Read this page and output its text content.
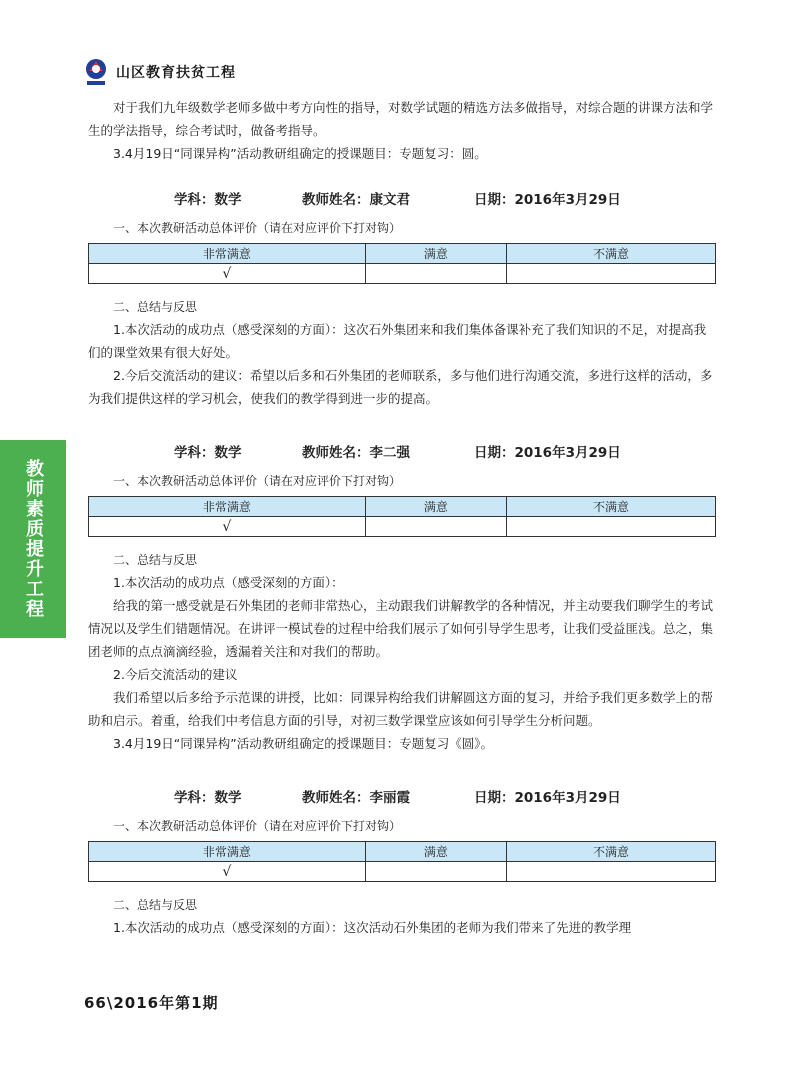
山区教育扶贫工程
教师素质提升工程

对于我们九年级数学老师多做中考方向性的指导，对数学试题的精选方法多做指导，对综合题的讲课方法和学生的学法指导，综合考试时，做备考指导。

3.4月19日“同课异构”活动教研组确定的授课题目：专题复习：圆。

学科：数学	教师姓名：康文君	日期：2016年3月29日

一、本次教研活动总体评价（请在对应评价下打对钩）

非常满意	满意	不满意
√		

二、总结与反思

1.本次活动的成功点（感受深刻的方面）：这次石外集团来和我们集体备课补充了我们知识的不足，对提高我们的课堂效果有很大好处。

2.今后交流活动的建议：希望以后多和石外集团的老师联系，多与他们进行沟通交流，多进行这样的活动，多为我们提供这样的学习机会，使我们的教学得到进一步的提高。

学科：数学	教师姓名：李二强	日期：2016年3月29日

一、本次教研活动总体评价（请在对应评价下打对钩）

非常满意	满意	不满意
√		

二、总结与反思

1.本次活动的成功点（感受深刻的方面）：

给我的第一感受就是石外集团的老师非常热心，主动跟我们讲解教学的各种情况，并主动要我们聊学生的考试情况以及学生们错题情况。在讲评一模试卷的过程中给我们展示了如何引导学生思考，让我们受益匪浅。总之，集团老师的点点滴滴经验，透漏着关注和对我们的帮助。

2.今后交流活动的建议

我们希望以后多给予示范课的讲授，比如：同课异构给我们讲解圆这方面的复习，并给予我们更多数学上的帮助和启示。着重，给我们中考信息方面的引导，对初三数学课堂应该如何引导学生分析问题。

3.4月19日“同课异构”活动教研组确定的授课题目：专题复习《圆》。

学科：数学	教师姓名：李丽霞	日期：2016年3月29日

一、本次教研活动总体评价（请在对应评价下打对钩）

非常满意	满意	不满意
√		

二、总结与反思

1.本次活动的成功点（感受深刻的方面）：这次活动石外集团的老师为我们带来了先进的教学理

66\2016年第1期
